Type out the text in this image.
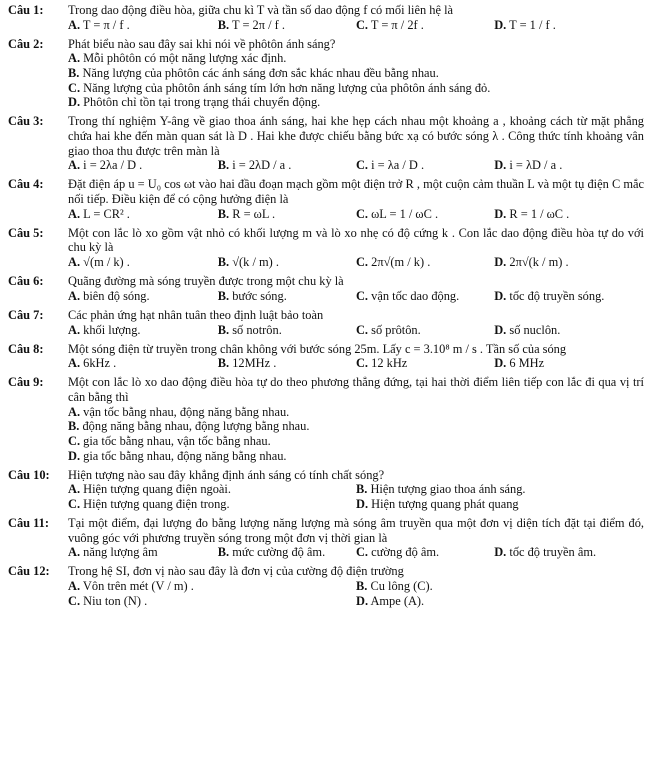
Câu 1:	Trong dao động điều hòa, giữa chu kì T và tần số dao động f có mối liên hệ là
A. T = π / f .	B. T = 2π / f .	C. T = π / 2f .	D. T = 1 / f .
Câu 2:	Phát biểu nào sau đây sai khi nói về phôtôn ánh sáng?
A. Mỗi phôtôn có một năng lượng xác định.
B. Năng lượng của phôtôn các ánh sáng đơn sắc khác nhau đều bằng nhau.
C. Năng lượng của phôtôn ánh sáng tím lớn hơn năng lượng của phôtôn ánh sáng đỏ.
D. Phôtôn chỉ tồn tại trong trạng thái chuyển động.
Câu 3:	Trong thí nghiệm Y-âng về giao thoa ánh sáng, hai khe hẹp cách nhau một khoảng a , khoảng cách từ mặt phẳng chứa hai khe đến màn quan sát là D . Hai khe được chiếu bằng bức xạ có bước sóng λ . Công thức tính khoảng vân giao thoa thu được trên màn là
A. i = 2λa / D .	B. i = 2λD / a .	C. i = λa / D .	D. i = λD / a .
Câu 4:	Đặt điện áp u = U₀ cos ωt vào hai đầu đoạn mạch gồm một điện trở R , một cuộn cảm thuần L và một tụ điện C mắc nối tiếp. Điều kiện để có cộng hưởng điện là
A. L = CR² .	B. R = ωL .	C. ωL = 1 / ωC .	D. R = 1 / ωC .
Câu 5:	Một con lắc lò xo gồm vật nhỏ có khối lượng m và lò xo nhẹ có độ cứng k . Con lắc dao động điều hòa tự do với chu kỳ là
A. √(m / k) .	B. √(k / m) .	C. 2π√(m / k) .	D. 2π√(k / m) .
Câu 6:	Quãng đường mà sóng truyền được trong một chu kỳ là
A. biên độ sóng.	B. bước sóng.	C. vận tốc dao động.	D. tốc độ truyền sóng.
Câu 7:	Các phản ứng hạt nhân tuân theo định luật bảo toàn
A. khối lượng.	B. số notrôn.	C. số prôtôn.	D. số nuclôn.
Câu 8:	Một sóng điện từ truyền trong chân không với bước sóng 25m. Lấy c = 3.10⁸ m / s . Tần số của sóng
A. 6kHz .	B. 12MHz .	C. 12 kHz	D. 6 MHz
Câu 9:	Một con lắc lò xo dao động điều hòa tự do theo phương thẳng đứng, tại hai thời điểm liên tiếp con lắc đi qua vị trí cân bằng thì
A. vận tốc bằng nhau, động năng bằng nhau.
B. động năng bằng nhau, động lượng bằng nhau.
C. gia tốc bằng nhau, vận tốc bằng nhau.
D. gia tốc bằng nhau, động năng bằng nhau.
Câu 10:	Hiện tượng nào sau đây khẳng định ánh sáng có tính chất sóng?
A. Hiện tượng quang điện ngoài.	B. Hiện tượng giao thoa ánh sáng.
C. Hiện tượng quang điện trong.	D. Hiện tượng quang phát quang
Câu 11:	Tại một điểm, đại lượng đo bằng lượng năng lượng mà sóng âm truyền qua một đơn vị diện tích đặt tại điểm đó, vuông góc với phương truyền sóng trong một đơn vị thời gian là
A. năng lượng âm	B. mức cường độ âm.	C. cường độ âm.	D. tốc độ truyền âm.
Câu 12:	Trong hệ SI, đơn vị nào sau đây là đơn vị của cường độ điện trường
A. Vôn trên mét (V / m) .	B. Cu lông (C).
C. Niu ton (N) .	D. Ampe (A).
